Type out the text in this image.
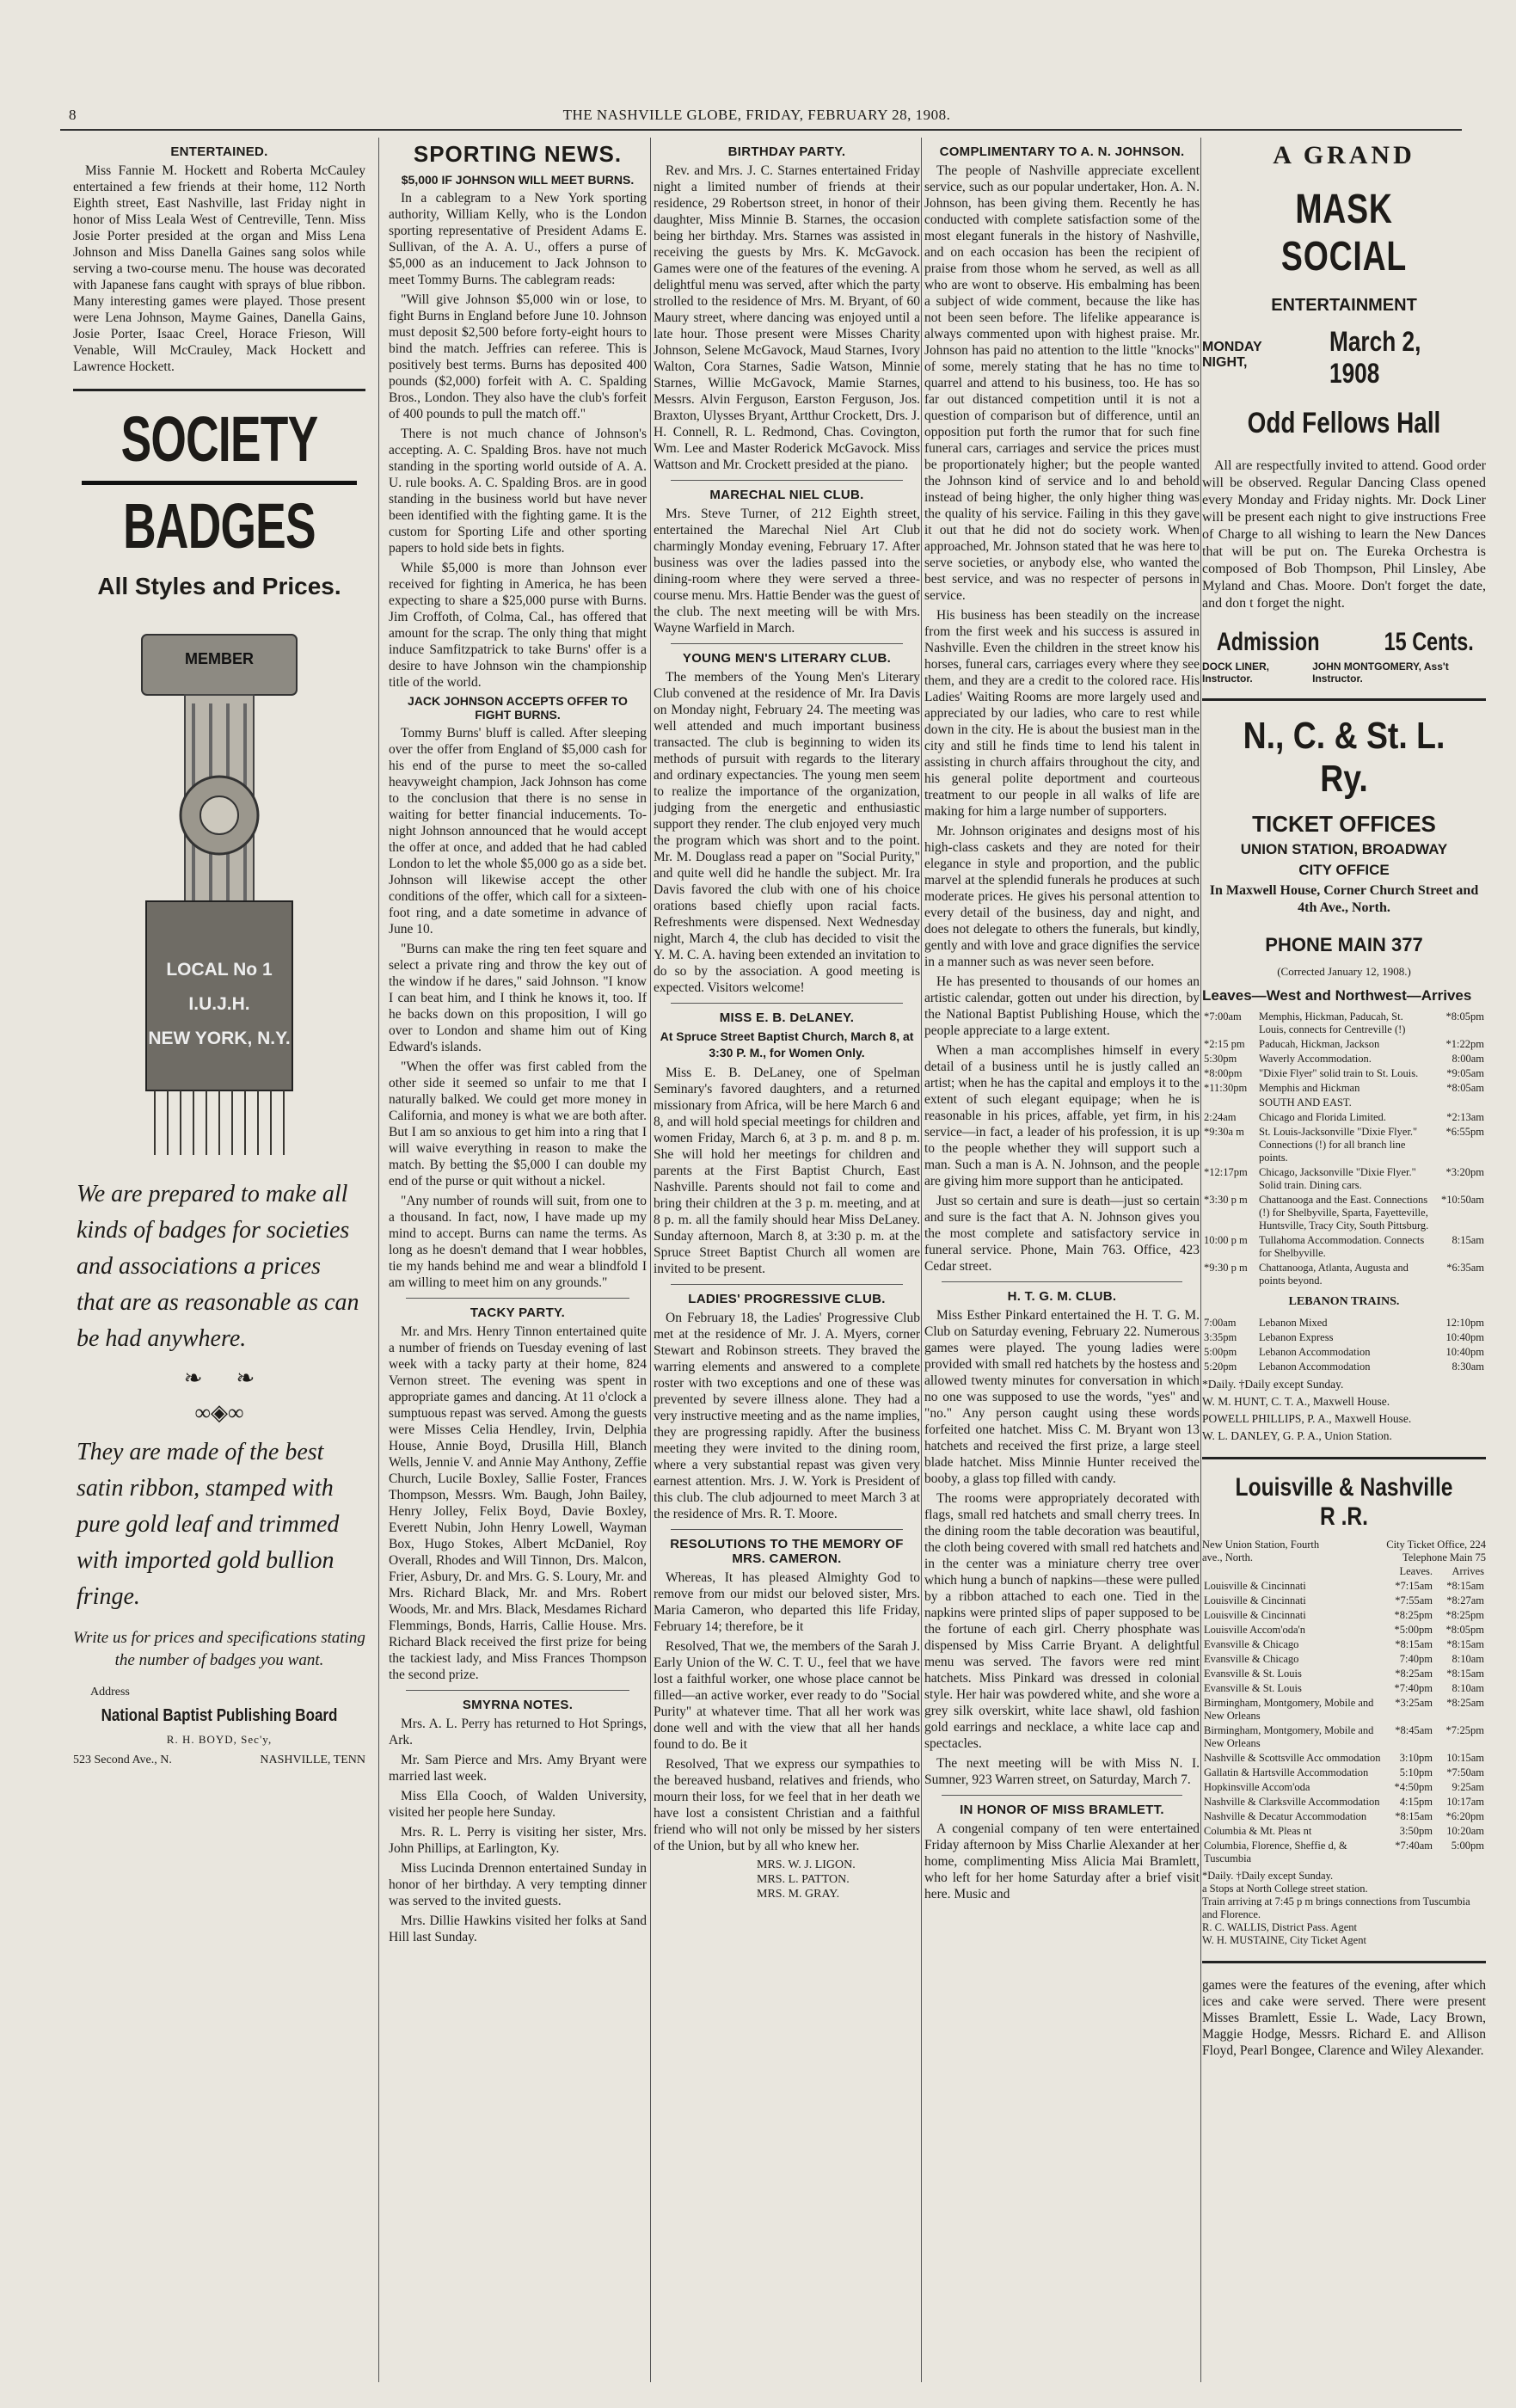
8	THE NASHVILLE GLOBE, FRIDAY, FEBRUARY 28, 1908.
ENTERTAINED.

Miss Fannie M. Hockett and Roberta McCauley entertained a few friends at their home, 112 North Eighth street, East Nashville, last Friday night in honor of Miss Leala West of Centreville, Tenn. Miss Josie Porter presided at the organ and Miss Lena Johnson and Miss Danella Gaines sang solos while serving a two-course menu. The house was decorated with Japanese fans caught with sprays of blue ribbon. Many interesting games were played. Those present were Lena Johnson, Mayme Gaines, Danella Gains, Josie Porter, Isaac Creel, Horace Frieson, Will Venable, Will McCrauley, Mack Hockett and Lawrence Hockett.

SOCIETY
BADGES
All Styles and Prices.
MEMBER
LOCAL No 1
I.U.J.H.
NEW YORK, N.Y.
We are prepared to make all kinds of badges for societies and associations a prices that are as reasonable as can be had anywhere.
❧      ❧
∞◈∞
They are made of the best satin ribbon, stamped with pure gold leaf and trimmed with imported gold bullion fringe.
Write us for prices and specifications stating the number of badges you want.
Address
National Baptist Publishing Board
R. H. BOYD, Sec'y,
523 Second Ave., N.	NASHVILLE, TENN
SPORTING NEWS.
$5,000 IF JOHNSON WILL MEET BURNS.

In a cablegram to a New York sporting authority, William Kelly, who is the London sporting representative of President Adams E. Sullivan, of the A. A. U., offers a purse of $5,000 as an inducement to Jack Johnson to meet Tommy Burns. The cablegram reads:

"Will give Johnson $5,000 win or lose, to fight Burns in England before June 10. Johnson must deposit $2,500 before forty-eight hours to bind the match. Jeffries can referee. This is positively best terms. Burns has deposited 400 pounds ($2,000) forfeit with A. C. Spalding Bros., London. They also have the club's forfeit of 400 pounds to pull the match off."

There is not much chance of Johnson's accepting. A. C. Spalding Bros. have not much standing in the sporting world outside of A. A. U. rule books. A. C. Spalding Bros. are in good standing in the business world but have never been identified with the fighting game. It is the custom for Sporting Life and other sporting papers to hold side bets in fights.

While $5,000 is more than Johnson ever received for fighting in America, he has been expecting to share a $25,000 purse with Burns. Jim Croffoth, of Colma, Cal., has offered that amount for the scrap. The only thing that might induce Samfitzpatrick to take Burns' offer is a desire to have Johnson win the championship title of the world.

JACK JOHNSON ACCEPTS OFFER TO FIGHT BURNS.

Tommy Burns' bluff is called. After sleeping over the offer from England of $5,000 cash for his end of the purse to meet the so-called heavyweight champion, Jack Johnson has come to the conclusion that there is no sense in waiting for better financial inducements. To-night Johnson announced that he would accept the offer at once, and added that he had cabled London to let the whole $5,000 go as a side bet. Johnson will likewise accept the other conditions of the offer, which call for a sixteen-foot ring, and a date sometime in advance of June 10.

"Burns can make the ring ten feet square and select a private ring and throw the key out of the window if he dares," said Johnson. "I know I can beat him, and I think he knows it, too. If he backs down on this proposition, I will go over to London and shame him out of King Edward's islands.

"When the offer was first cabled from the other side it seemed so unfair to me that I naturally balked. We could get more money in California, and money is what we are both after. But I am so anxious to get him into a ring that I will waive everything in reason to make the match. By betting the $5,000 I can double my end of the purse or quit without a nickel.

"Any number of rounds will suit, from one to a thousand. In fact, now, I have made up my mind to accept. Burns can name the terms. As long as he doesn't demand that I wear hobbles, tie my hands behind me and wear a blindfold I am willing to meet him on any grounds."

TACKY PARTY.

Mr. and Mrs. Henry Tinnon entertained quite a number of friends on Tuesday evening of last week with a tacky party at their home, 824 Vernon street. The evening was spent in appropriate games and dancing. At 11 o'clock a sumptuous repast was served. Among the guests were Misses Celia Hendley, Irvin, Delphia House, Annie Boyd, Drusilla Hill, Blanch Wells, Jennie V. and Annie May Anthony, Zeffie Church, Lucile Boxley, Sallie Foster, Frances Thompson, Messrs. Wm. Baugh, John Bailey, Henry Jolley, Felix Boyd, Davie Boxley, Everett Nubin, John Henry Lowell, Wayman Box, Hugo Stokes, Albert McDaniel, Roy Overall, Rhodes and Will Tinnon, Drs. Malcon, Frier, Asbury, Dr. and Mrs. G. S. Loury, Mr. and Mrs. Richard Black, Mr. and Mrs. Robert Woods, Mr. and Mrs. Black, Mesdames Richard Flemmings, Bonds, Harris, Callie House. Mrs. Richard Black received the first prize for being the tackiest lady, and Miss Frances Thompson the second prize.

SMYRNA NOTES.

Mrs. A. L. Perry has returned to Hot Springs, Ark.

Mr. Sam Pierce and Mrs. Amy Bryant were married last week.

Miss Ella Cooch, of Walden University, visited her people here Sunday.

Mrs. R. L. Perry is visiting her sister, Mrs. John Phillips, at Earlington, Ky.

Miss Lucinda Drennon entertained Sunday in honor of her birthday. A very tempting dinner was served to the invited guests.

Mrs. Dillie Hawkins visited her folks at Sand Hill last Sunday.

BIRTHDAY PARTY.

Rev. and Mrs. J. C. Starnes entertained Friday night a limited number of friends at their residence, 29 Robertson street, in honor of their daughter, Miss Minnie B. Starnes, the occasion being her birthday. Mrs. Starnes was assisted in receiving the guests by Mrs. K. McGavock. Games were one of the features of the evening. A delightful menu was served, after which the party strolled to the residence of Mrs. M. Bryant, of 60 Maury street, where dancing was enjoyed until a late hour. Those present were Misses Charity Johnson, Selene McGavock, Maud Starnes, Ivory Walton, Cora Starnes, Sadie Watson, Minnie Starnes, Willie McGavock, Mamie Starnes, Messrs. Alvin Ferguson, Earston Ferguson, Jos. Braxton, Ulysses Bryant, Artthur Crockett, Drs. J. H. Connell, R. L. Redmond, Chas. Covington, Wm. Lee and Master Roderick McGavock. Miss Wattson and Mr. Crockett presided at the piano.

MARECHAL NIEL CLUB.

Mrs. Steve Turner, of 212 Eighth street, entertained the Marechal Niel Art Club charmingly Monday evening, February 17. After business was over the ladies passed into the dining-room where they were served a three-course menu. Mrs. Hattie Bender was the guest of the club. The next meeting will be with Mrs. Wayne Warfield in March.

YOUNG MEN'S LITERARY CLUB.

The members of the Young Men's Literary Club convened at the residence of Mr. Ira Davis on Monday night, February 24. The meeting was well attended and much important business transacted. The club is beginning to widen its methods of pursuit with regards to the literary and ordinary expectancies. The young men seem to realize the importance of the organization, judging from the energetic and enthusiastic support they render. The club enjoyed very much the program which was short and to the point. Mr. M. Douglass read a paper on "Social Purity," and quite well did he handle the subject. Mr. Ira Davis favored the club with one of his choice orations based chiefly upon racial facts. Refreshments were dispensed. Next Wednesday night, March 4, the club has decided to visit the Y. M. C. A. having been extended an invitation to do so by the association. A good meeting is expected. Visitors welcome!

MISS E. B. DeLANEY.

At Spruce Street Baptist Church, March 8, at 3:30 P. M., for Women Only.

Miss E. B. DeLaney, one of Spelman Seminary's favored daughters, and a returned missionary from Africa, will be here March 6 and 8, and will hold special meetings for children and women Friday, March 6, at 3 p. m. and 8 p. m. She will hold her meetings for children and parents at the First Baptist Church, East Nashville. Parents should not fail to come and bring their children at the 3 p. m. meeting, and at 8 p. m. all the family should hear Miss DeLaney. Sunday afternoon, March 8, at 3:30 p. m. at the Spruce Street Baptist Church all women are invited to be present.

LADIES' PROGRESSIVE CLUB.

On February 18, the Ladies' Progressive Club met at the residence of Mr. J. A. Myers, corner Stewart and Robinson streets. They braved the warring elements and answered to a complete roster with two exceptions and one of these was prevented by severe illness alone. They had a very instructive meeting and as the name implies, they are progressing rapidly. After the business meeting they were invited to the dining room, where a very substantial repast was given very earnest attention. Mrs. J. W. York is President of this club. The club adjourned to meet March 3 at the residence of Mrs. R. T. Moore.

RESOLUTIONS TO THE MEMORY OF MRS. CAMERON.

Whereas, It has pleased Almighty God to remove from our midst our beloved sister, Mrs. Maria Cameron, who departed this life Friday, February 14; therefore, be it

Resolved, That we, the members of the Sarah J. Early Union of the W. C. T. U., feel that we have lost a faithful worker, one whose place cannot be filled—an active worker, ever ready to do "Social Purity" at whatever time. That all her work was done well and with the view that all her hands found to do. Be it

Resolved, That we express our sympathies to the bereaved husband, relatives and friends, who mourn their loss, for we feel that in her death we have lost a consistent Christian and a faithful friend who will not only be missed by her sisters of the Union, but by all who knew her.

MRS. W. J. LIGON.
MRS. L. PATTON.
MRS. M. GRAY.
COMPLIMENTARY TO A. N. JOHNSON.

The people of Nashville appreciate excellent service, such as our popular undertaker, Hon. A. N. Johnson, has been giving them. Recently he has conducted with complete satisfaction some of the most elegant funerals in the history of Nashville, and on each occasion has been the recipient of praise from those whom he served, as well as all who are wont to observe. His embalming has been a subject of wide comment, because the like has not been seen before. The lifelike appearance is always commented upon with highest praise. Mr. Johnson has paid no attention to the little "knocks" of some, merely stating that he has no time to quarrel and attend to his business, too. He has so far out distanced competition until it is not a question of comparison but of difference, until an opposition put forth the rumor that for such fine funeral cars, carriages and service the prices must be proportionately higher; but the people wanted the Johnson kind of service and lo and behold instead of being higher, the only higher thing was the quality of his service. Failing in this they gave it out that he did not do society work. When approached, Mr. Johnson stated that he was here to serve societies, or anybody else, who wanted the best service, and was no respecter of persons in service.

His business has been steadily on the increase from the first week and his success is assured in Nashville. Even the children in the street know his horses, funeral cars, carriages every where they see them, and they are a credit to the colored race. His Ladies' Waiting Rooms are more largely used and appreciated by our ladies, who care to rest while down in the city. He is about the busiest man in the city and still he finds time to lend his talent in assisting in church affairs throughout the city, and his general polite deportment and courteous treatment to our people in all walks of life are making for him a large number of supporters.

Mr. Johnson originates and designs most of his high-class caskets and they are noted for their elegance in style and proportion, and the public marvel at the splendid funerals he produces at such moderate prices. He gives his personal attention to every detail of the business, day and night, and does not delegate to others the funerals, but kindly, gently and with love and grace dignifies the service in a manner such as was never seen before.

He has presented to thousands of our homes an artistic calendar, gotten out under his direction, by the National Baptist Publishing House, which the people appreciate to a large extent.

When a man accomplishes himself in every detail of a business until he is justly called an artist; when he has the capital and employs it to the extent of such elegant equipage; when he is reasonable in his prices, affable, yet firm, in his service—in fact, a leader of his profession, it is up to the people whether they will support such a man. Such a man is A. N. Johnson, and the people are giving him more support than he anticipated.

Just so certain and sure is death—just so certain and sure is the fact that A. N. Johnson gives you the most complete and satisfactory service in funeral service. Phone, Main 763. Office, 423 Cedar street.

H. T. G. M. CLUB.

Miss Esther Pinkard entertained the H. T. G. M. Club on Saturday evening, February 22. Numerous games were played. The young ladies were provided with small red hatchets by the hostess and allowed twenty minutes for conversation in which no one was supposed to use the words, "yes" and "no." Any person caught using these words forfeited one hatchet. Miss C. M. Bryant won 13 hatchets and received the first prize, a large steel blade hatchet. Miss Minnie Hunter received the booby, a glass top filled with candy.

The rooms were appropriately decorated with flags, small red hatchets and small cherry trees. In the dining room the table decoration was beautiful, the cloth being covered with small red hatchets and in the center was a miniature cherry tree over which hung a bunch of napkins—these were pulled by a ribbon attached to each one. Tied in the napkins were printed slips of paper supposed to be the fortune of each girl. Cherry phosphate was dispensed by Miss Carrie Bryant. A delightful menu was served. The favors were red mint hatchets. Miss Pinkard was dressed in colonial style. Her hair was powdered white, and she wore a grey silk overskirt, white lace shawl, old fashion gold earrings and necklace, a white lace cap and spectacles.

The next meeting will be with Miss N. I. Sumner, 923 Warren street, on Saturday, March 7.

IN HONOR OF MISS BRAMLETT.

A congenial company of ten were entertained Friday afternoon by Miss Charlie Alexander at her home, complimenting Miss Alicia Mai Bramlett, who left for her home Saturday after a brief visit here. Music and

A GRAND
MASK SOCIAL
ENTERTAINMENT
MONDAY NIGHT,
March 2, 1908
Odd Fellows Hall

All are respectfully invited to attend. Good order will be observed. Regular Dancing Class opened every Monday and Friday nights. Mr. Dock Liner will be present each night to give instructions Free of Charge to all wishing to learn the New Dances that will be put on. The Eureka Orchestra is composed of Bob Thompson, Phil Linsley, Abe Myland and Chas. Moore. Don't forget the date, and don t forget the night.

Admission 15 Cents.
DOCK LINER, Instructor.
JOHN MONTGOMERY, Ass't Instructor.
N., C. & St. L. Ry.
TICKET OFFICES
UNION STATION, BROADWAY
CITY OFFICE
In Maxwell House, Corner Church Street and 4th Ave., North.
PHONE MAIN 377
(Corrected January 12, 1908.)
Leaves—West and Northwest—Arrives
*7:00am	Memphis, Hickman, Paducah, St. Louis, connects for Centreville (!)	*8:05pm
*2:15 pm	Paducah, Hickman, Jackson	*1:22pm
5:30pm	Waverly Accommodation.	8:00am
*8:00pm	"Dixie Flyer" solid train to St. Louis.	*9:05am
*11:30pm	Memphis and Hickman	*8:05am
	SOUTH AND EAST.	
2:24am	Chicago and Florida Limited.	*2:13am
*9:30a m	St. Louis-Jacksonville "Dixie Flyer." Connections (!) for all branch line points.	*6:55pm
*12:17pm	Chicago, Jacksonville "Dixie Flyer." Solid train. Dining cars.	*3:20pm
*3:30 p m	Chattanooga and the East. Connections (!) for Shelbyville, Sparta, Fayetteville, Huntsville, Tracy City, South Pittsburg.	*10:50am
10:00 p m	Tullahoma Accommodation. Connects for Shelbyville.	8:15am
*9:30 p m	Chattanooga, Atlanta, Augusta and points beyond.	*6:35am
LEBANON TRAINS.
7:00am	Lebanon Mixed	12:10pm
3:35pm	Lebanon Express	10:40pm
5:00pm	Lebanon Accommodation	10:40pm
5:20pm	Lebanon Accommodation	8:30am

*Daily. †Daily except Sunday.

W. M. HUNT, C. T. A., Maxwell House.

POWELL PHILLIPS, P. A., Maxwell House.

W. L. DANLEY, G. P. A., Union Station.

Louisville & Nashville R .R.
New Union Station, Fourth ave., North.
City Ticket Office, 224 Telephone Main 75
	Leaves.	Arrives
Louisville & Cincinnati	*7:15am	*8:15am
Louisville & Cincinnati	*7:55am	*8:27am
Louisville & Cincinnati	*8:25pm	*8:25pm
Louisville Accom'oda'n	*5:00pm	*8:05pm
Evansville & Chicago	*8:15am	*8:15am
Evansville & Chicago	7:40pm	8:10am
Evansville & St. Louis	*8:25am	*8:15am
Evansville & St. Louis	*7:40pm	8:10am
Birmingham, Montgomery, Mobile and New Orleans	*3:25am	*8:25am
Birmingham, Montgomery, Mobile and New Orleans	*8:45am	*7:25pm
Nashville & Scottsville Acc ommodation	3:10pm	10:15am
Gallatin & Hartsville Accommodation	5:10pm	*7:50am
Hopkinsville Accom'oda	*4:50pm	9:25am
Nashville & Clarksville Accommodation	4:15pm	10:17am
Nashville & Decatur Accommodation	*8:15am	*6:20pm
Columbia & Mt. Pleas nt	3:50pm	10:20am
Columbia, Florence, Sheffie d, & Tuscumbia	*7:40am	5:00pm
*Daily. †Daily except Sunday.
a Stops at North College street station.
Train arriving at 7:45 p m brings connections from Tuscumbia and Florence.
R. C. WALLIS, District Pass. Agent
W. H. MUSTAINE, City Ticket Agent

games were the features of the evening, after which ices and cake were served. There were present Misses Bramlett, Essie L. Wade, Lacy Brown, Maggie Hodge, Messrs. Richard E. and Allison Floyd, Pearl Bongee, Clarence and Wiley Alexander.
